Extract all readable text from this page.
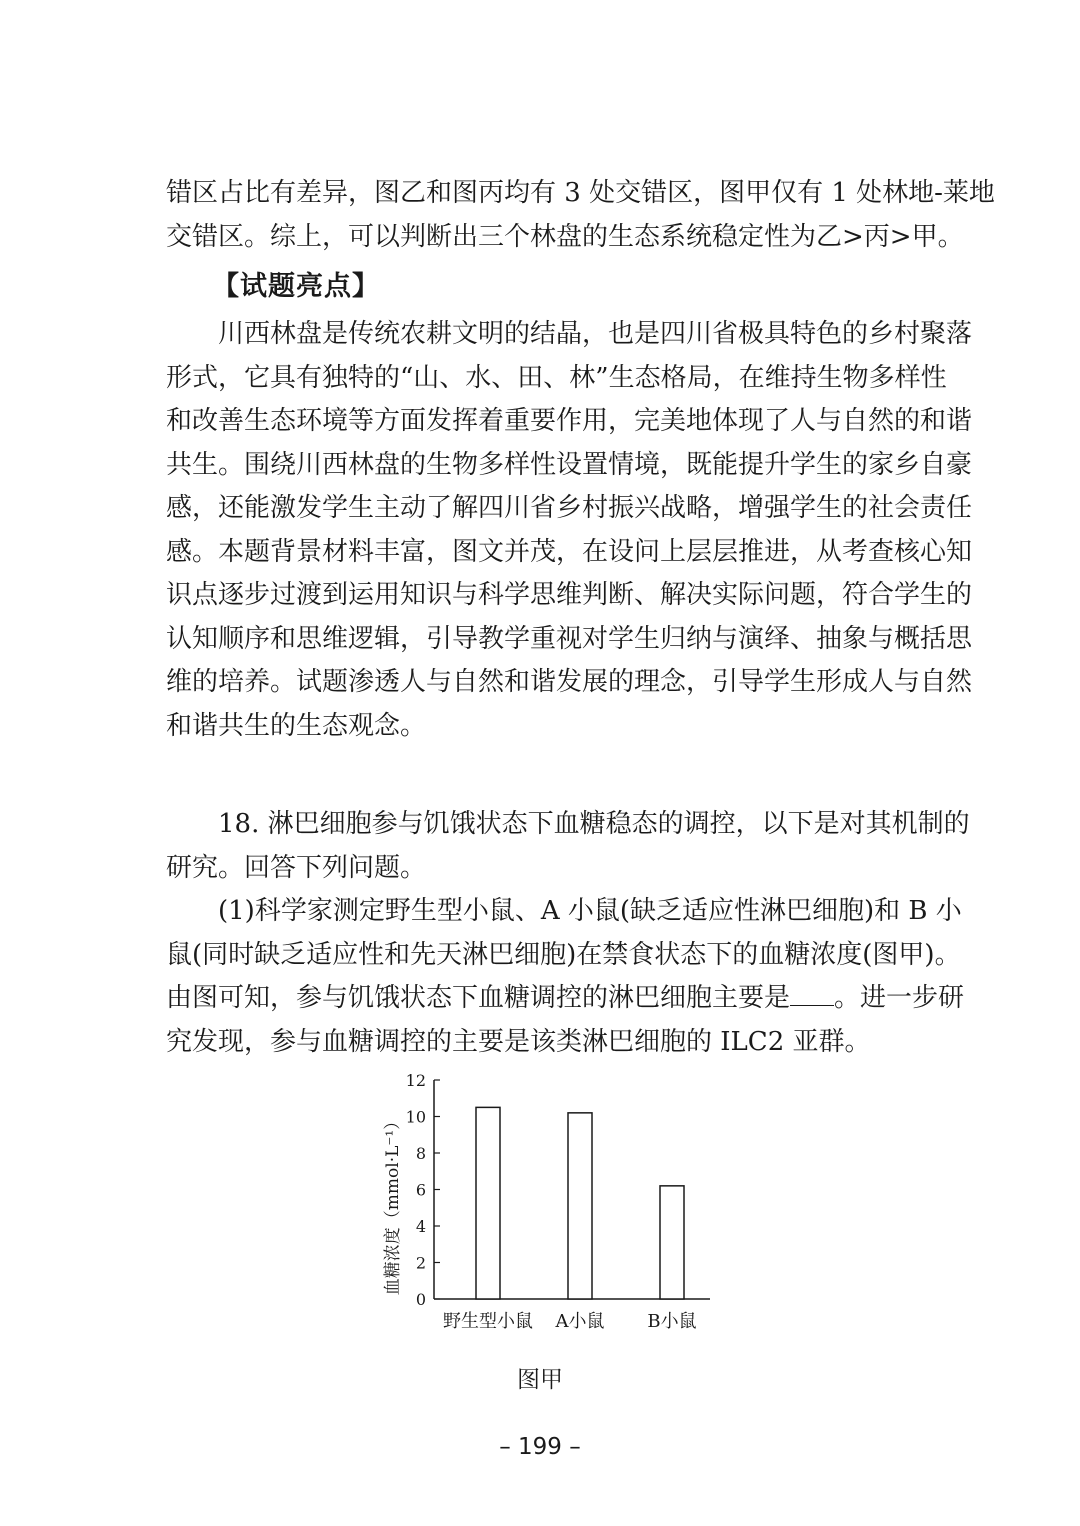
错区占比有差异，图乙和图丙均有 3 处交错区，图甲仅有 1 处林地-莱地
交错区。综上，可以判断出三个林盘的生态系统稳定性为乙>丙>甲。
【试题亮点】
川西林盘是传统农耕文明的结晶，也是四川省极具特色的乡村聚落
形式，它具有独特的“山、水、田、林”生态格局，在维持生物多样性
和改善生态环境等方面发挥着重要作用，完美地体现了人与自然的和谐
共生。围绕川西林盘的生物多样性设置情境，既能提升学生的家乡自豪
感，还能激发学生主动了解四川省乡村振兴战略，增强学生的社会责任
感。本题背景材料丰富，图文并茂，在设问上层层推进，从考查核心知
识点逐步过渡到运用知识与科学思维判断、解决实际问题，符合学生的
认知顺序和思维逻辑，引导教学重视对学生归纳与演绎、抽象与概括思
维的培养。试题渗透人与自然和谐发展的理念，引导学生形成人与自然
和谐共生的生态观念。
18. 淋巴细胞参与饥饿状态下血糖稳态的调控，以下是对其机制的
研究。回答下列问题。
(1)科学家测定野生型小鼠、A 小鼠(缺乏适应性淋巴细胞)和 B 小
鼠(同时缺乏适应性和先天淋巴细胞)在禁食状态下的血糖浓度(图甲)。
由图可知，参与饥饿状态下血糖调控的淋巴细胞主要是 。进一步研
究发现，参与血糖调控的主要是该类淋巴细胞的 ILC2 亚群。
0
2
4
6
8
10
12
野生型小鼠 A小鼠 B小鼠
血糖浓度（mmol·L⁻¹）
图甲
– 199 –
